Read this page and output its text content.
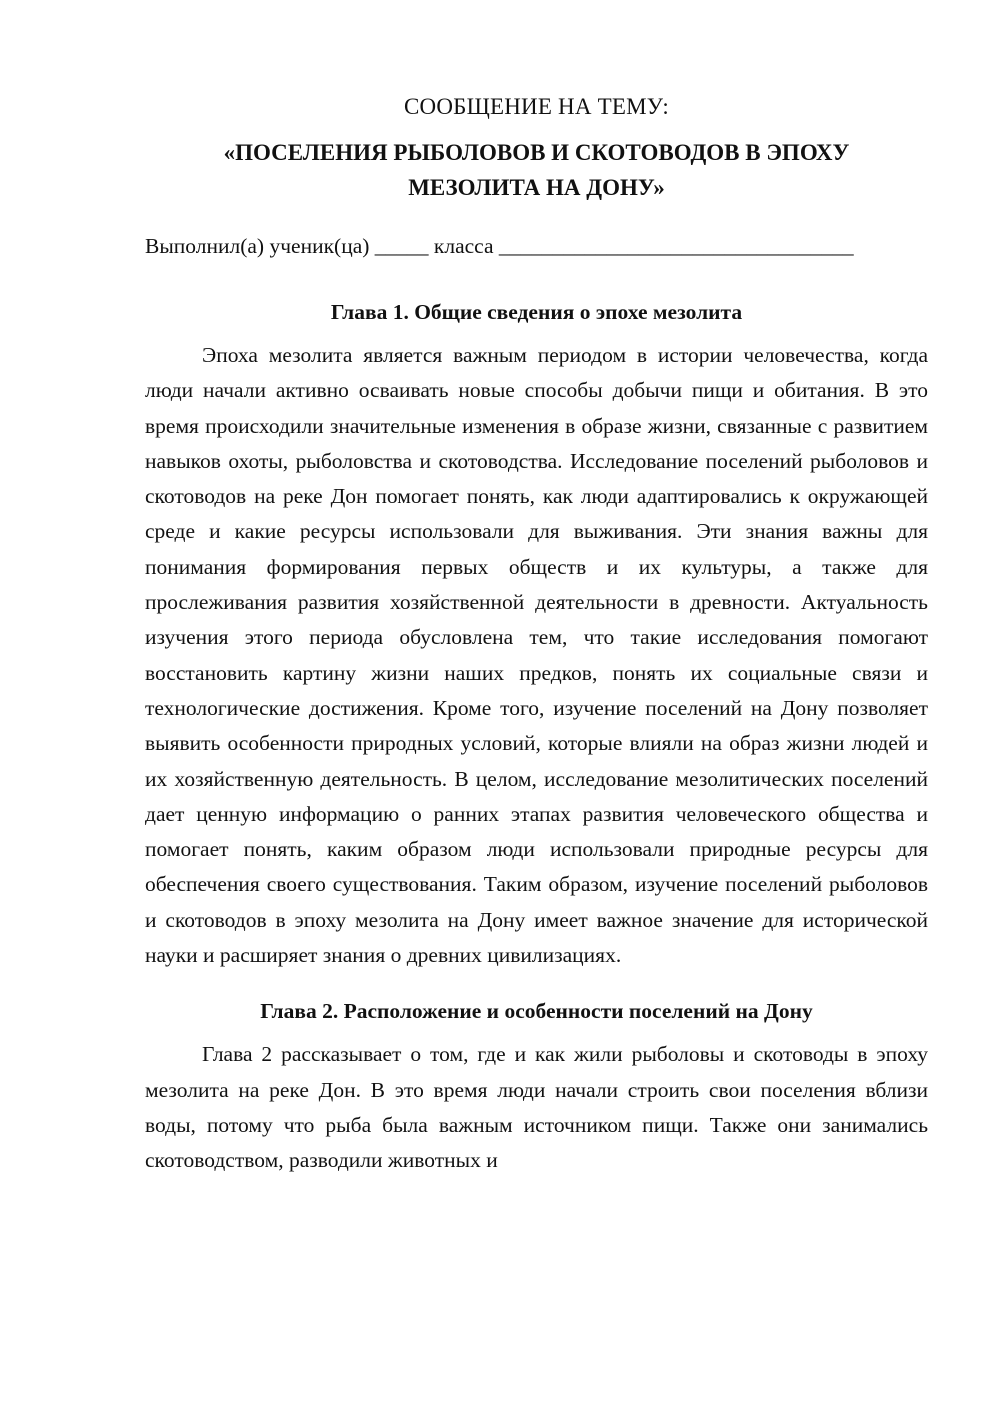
СООБЩЕНИЕ НА ТЕМУ:

«ПОСЕЛЕНИЯ РЫБОЛОВОВ И СКОТОВОДОВ В ЭПОХУ МЕЗОЛИТА НА ДОНУ»

Выполнил(а) ученик(ца) _____ класса _________________________________

Глава 1. Общие сведения о эпохе мезолита

Эпоха мезолита является важным периодом в истории человечества, когда люди начали активно осваивать новые способы добычи пищи и обитания. В это время происходили значительные изменения в образе жизни, связанные с развитием навыков охоты, рыболовства и скотоводства. Исследование поселений рыболовов и скотоводов на реке Дон помогает понять, как люди адаптировались к окружающей среде и какие ресурсы использовали для выживания. Эти знания важны для понимания формирования первых обществ и их культуры, а также для прослеживания развития хозяйственной деятельности в древности. Актуальность изучения этого периода обусловлена тем, что такие исследования помогают восстановить картину жизни наших предков, понять их социальные связи и технологические достижения. Кроме того, изучение поселений на Дону позволяет выявить особенности природных условий, которые влияли на образ жизни людей и их хозяйственную деятельность. В целом, исследование мезолитических поселений дает ценную информацию о ранних этапах развития человеческого общества и помогает понять, каким образом люди использовали природные ресурсы для обеспечения своего существования. Таким образом, изучение поселений рыболовов и скотоводов в эпоху мезолита на Дону имеет важное значение для исторической науки и расширяет знания о древних цивилизациях.

Глава 2. Расположение и особенности поселений на Дону

Глава 2 рассказывает о том, где и как жили рыболовы и скотоводы в эпоху мезолита на реке Дон. В это время люди начали строить свои поселения вблизи воды, потому что рыба была важным источником пищи. Также они занимались скотоводством, разводили животных и
